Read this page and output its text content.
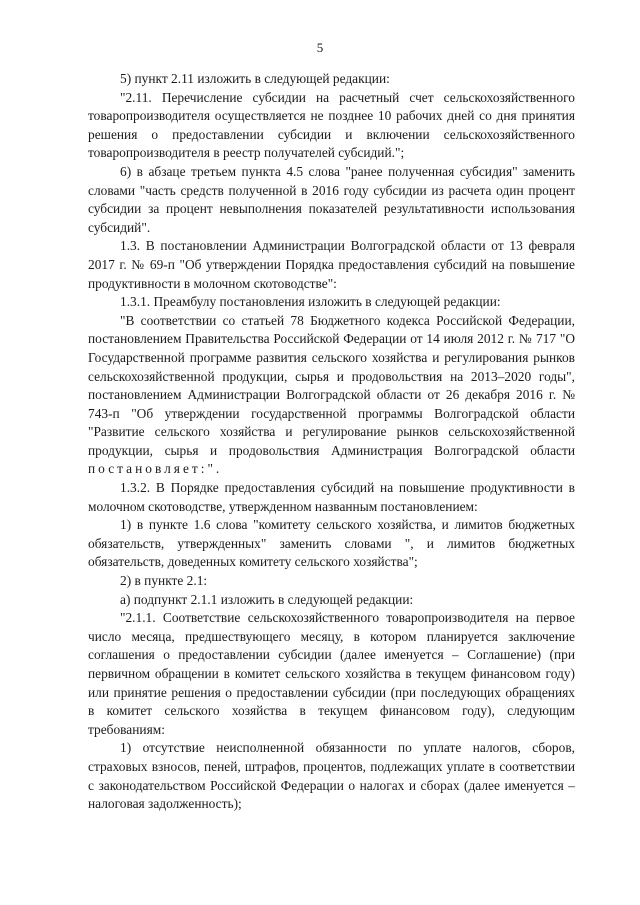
5

5) пункт 2.11 изложить в следующей редакции:

"2.11. Перечисление субсидии на расчетный счет сельскохозяйственного товаропроизводителя осуществляется не позднее 10 рабочих дней со дня принятия решения о предоставлении субсидии и включении сельскохозяйственного товаропроизводителя в реестр получателей субсидий.";

6) в абзаце третьем пункта 4.5 слова "ранее полученная субсидия" заменить словами "часть средств полученной в 2016 году субсидии из расчета один процент субсидии за процент невыполнения показателей результативности использования субсидий".

1.3. В постановлении Администрации Волгоградской области от 13 февраля 2017 г. № 69-п "Об утверждении Порядка предоставления субсидий на повышение продуктивности в молочном скотоводстве":

1.3.1. Преамбулу постановления изложить в следующей редакции:

"В соответствии со статьей 78 Бюджетного кодекса Российской Федерации, постановлением Правительства Российской Федерации от 14 июля 2012 г. № 717 "О Государственной программе развития сельского хозяйства и регулирования рынков сельскохозяйственной продукции, сырья и продовольствия на 2013–2020 годы", постановлением Администрации Волгоградской области от 26 декабря 2016 г. № 743-п "Об утверждении государственной программы Волгоградской области "Развитие сельского хозяйства и регулирование рынков сельскохозяйственной продукции, сырья и продовольствия Администрация Волгоградской области постановляет:".

1.3.2. В Порядке предоставления субсидий на повышение продуктивности в молочном скотоводстве, утвержденном названным постановлением:

1) в пункте 1.6 слова "комитету сельского хозяйства, и лимитов бюджетных обязательств, утвержденных" заменить словами ", и лимитов бюджетных обязательств, доведенных комитету сельского хозяйства";

2) в пункте 2.1:

а) подпункт 2.1.1 изложить в следующей редакции:

"2.1.1. Соответствие сельскохозяйственного товаропроизводителя на первое число месяца, предшествующего месяцу, в котором планируется заключение соглашения о предоставлении субсидии (далее именуется – Соглашение) (при первичном обращении в комитет сельского хозяйства в текущем финансовом году) или принятие решения о предоставлении субсидии (при последующих обращениях в комитет сельского хозяйства в текущем финансовом году), следующим требованиям:

1) отсутствие неисполненной обязанности по уплате налогов, сборов, страховых взносов, пеней, штрафов, процентов, подлежащих уплате в соответствии с законодательством Российской Федерации о налогах и сборах (далее именуется – налоговая задолженность);
